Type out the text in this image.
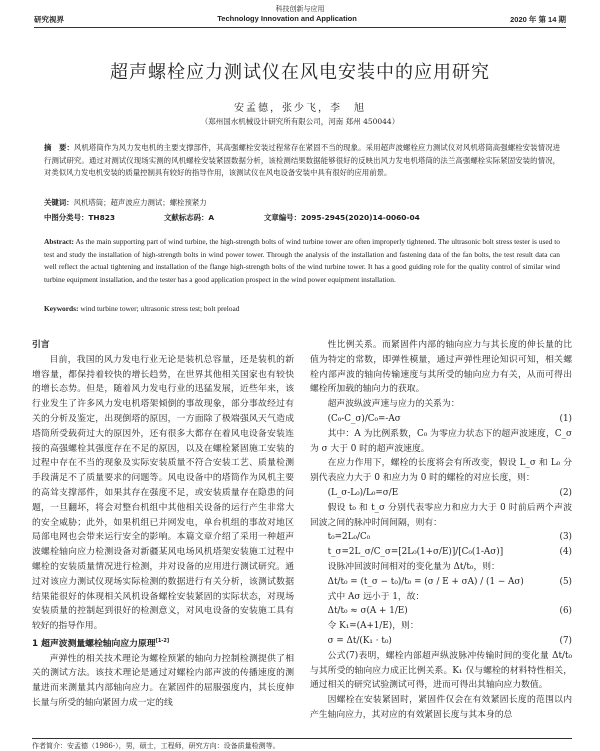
科技创新与应用
研究视界	Technology Innovation and Application	2020 年 第 14 期
超声螺栓应力测试仪在风电安装中的应用研究
安孟德，张少飞，李　旭
（郑州国水机械设计研究所有限公司，河南 郑州 450044）
摘　要：风机塔筒作为风力发电机的主要支撑部件，其高强螺栓安装过程常存在紧固不当的现象。采用超声波螺栓应力测试仪对风机塔筒高强螺栓安装情况进行测试研究。通过对测试仪现场实测的风机螺栓安装紧固数据分析，该检测结果数据能够很好的反映出风力发电机塔筒的法兰高强螺栓实际紧固安装的情况，对类似风力发电机安装的质量控制具有较好的指导作用，该测试仪在风电设备安装中具有很好的应用前景。
关键词：风机塔筒；超声波应力测试；螺栓预紧力
中图分类号：TH823	文献标志码：A	文章编号：2095-2945(2020)14-0060-04
Abstract: As the main supporting part of wind turbine, the high-strength bolts of wind turbine tower are often improperly tightened. The ultrasonic bolt stress tester is used to test and study the installation of high-strength bolts in wind power tower. Through the analysis of the installation and fastening data of the fan bolts, the test result data can well reflect the actual tightening and installation of the flange high-strength bolts of the wind turbine tower. It has a good guiding role for the quality control of similar wind turbine equipment installation, and the tester has a good application prospect in the wind power equipment installation.
Keywords: wind turbine tower; ultrasonic stress test; bolt preload

引言

目前，我国的风力发电行业无论是装机总容量，还是装机的新增容量，都保持着较快的增长趋势，在世界其他相关国家也有较快的增长态势。但是，随着风力发电行业的迅猛发展，近些年来，该行业发生了许多风力发电机塔架倾倒的事故现象，部分事故经过有关的分析及鉴定，出现倒塔的原因，一方面除了极端强风天气造成塔筒所受载荷过大的原因外，还有很多大都存在着风电设备安装连接的高强螺栓其强度存在不足的原因，以及在螺栓紧固施工安装的过程中存在不当的现象及实际安装质量不符合安装工艺、质量检测手段满足不了质量要求的问题等。风电设备中的塔筒作为风机主要的高耸支撑部件，如果其存在强度不足，或安装质量存在隐患的问题，一旦翻坏，将会对整台机组中其他相关设备的运行产生非常大的安全威胁；此外，如果机组已并网发电，单台机组的事故对地区局部电网也会带来运行安全的影响。本篇文章介绍了采用一种超声波螺栓轴向应力检测设备对新疆某风电场风机塔架安装施工过程中螺栓的安装质量情况进行检测，并对设备的应用进行测试研究。通过对该应力测试仪现场实际检测的数据进行有关分析，该测试数据结果能很好的体现相关风机设备螺栓安装紧固的实际状态，对现场安装质量的控制起到很好的检测意义，对风电设备的安装施工具有较好的指导作用。

1 超声波测量螺栓轴向应力原理[1-2]

声弹性的相关技术理论为螺栓预紧的轴向力控制检测提供了相关的测试方法。该技术理论是通过对螺栓内部声波的传播速度的测量进而来测量其内部轴向应力。在紧固件的屈服强度内，其长度伸长量与所受的轴向紧固力成一定的线

性比例关系。而紧固件内部的轴向应力与其长度的伸长量的比值为特定的常数，即弹性模量，通过声弹性理论知识可知，相关螺栓内部声波的轴向传输速度与其所受的轴向应力有关，从而可得出螺栓所加载的轴向力的获取。

超声波纵波声速与应力的关系为：

(C₀-C_σ)/C₀=-Aσ	(1)

其中：A 为比例系数，C₀ 为零应力状态下的超声波速度，C_σ 为 σ 大于 0 时的超声波速度。

在应力作用下，螺栓的长度将会有所改变，假设 L_σ 和 L₀ 分别代表应力大于 0 和应力为 0 时的螺栓的对应长度，则：

(L_σ-L₀)/L₀=σ/E	(2)

假设 t₀ 和 t_σ 分别代表零应力和应力大于 0 时前后两个声波回波之间的脉冲时间间隔，则有：

t₀=2L₀/C₀	(3)
t_σ=2L_σ/C_σ=[2L₀(1+σ/E)]/[C₀(1-Aσ)]	(4)

设脉冲回波时间相对的变化量为 Δt/t₀，则：

Δt/t₀ = (t_σ − t₀)/t₀ = (σ / E + σA) / (1 − Aσ)	(5)

式中 Aσ 远小于 1，故：

Δt/t₀ ≈ σ(A + 1/E)	(6)

令 K₁=(A+1/E)，则：

σ = Δt/(K₁ · t₀)	(7)

公式(7)表明，螺栓内部超声纵波脉冲传输时间的变化量 Δt/t₀ 与其所受的轴向应力成正比例关系。K₁ 仅与螺栓的材料特性相关，通过相关的研究试验测试可得，进而可得出其轴向应力数值。

因螺栓在安装紧固时，紧固件仅会在有效紧固长度的范围以内产生轴向应力，其对应的有效紧固长度与其本身的总

作者简介：安孟德（1986-），男，硕士，工程师，研究方向：设备质量检测等。
